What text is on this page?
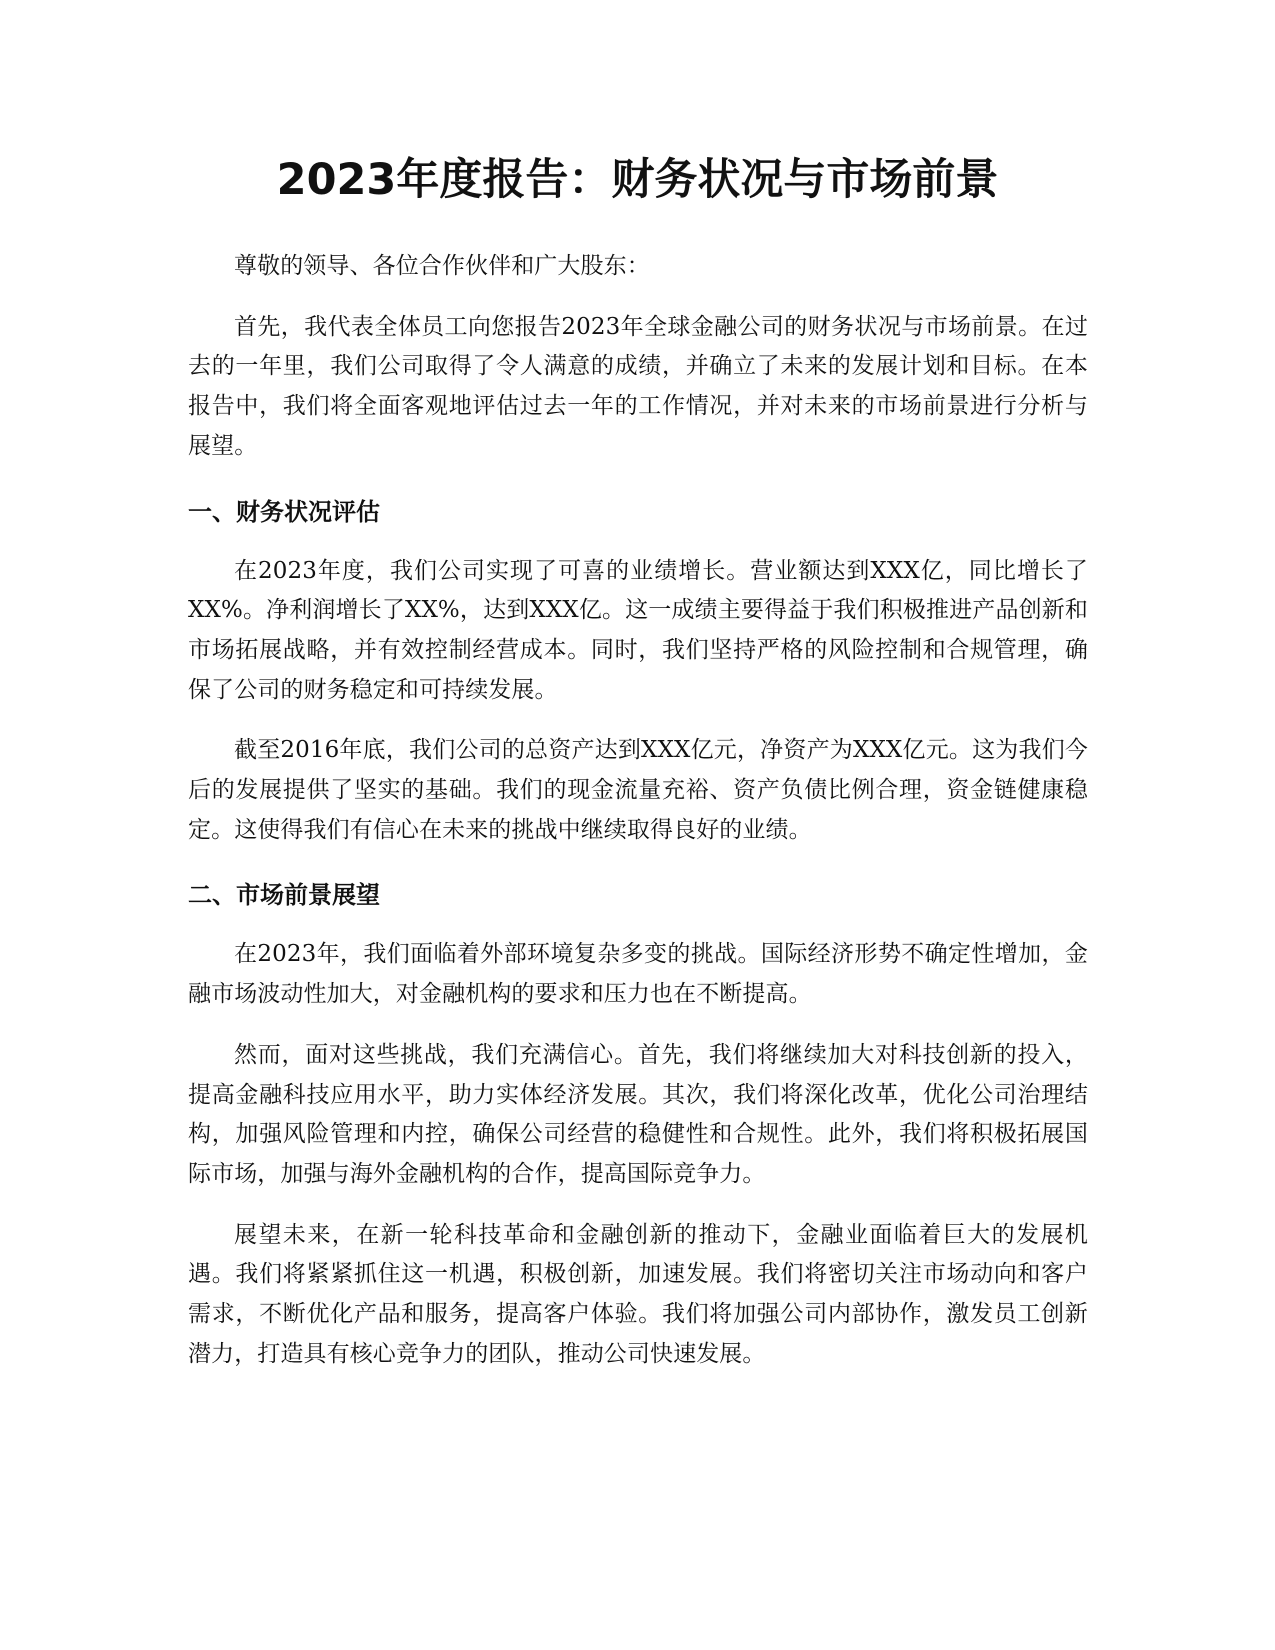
2023年度报告：财务状况与市场前景

尊敬的领导、各位合作伙伴和广大股东：

首先，我代表全体员工向您报告2023年全球金融公司的财务状况与市场前景。在过去的一年里，我们公司取得了令人满意的成绩，并确立了未来的发展计划和目标。在本报告中，我们将全面客观地评估过去一年的工作情况，并对未来的市场前景进行分析与展望。

一、财务状况评估

在2023年度，我们公司实现了可喜的业绩增长。营业额达到XXX亿，同比增长了XX%。净利润增长了XX%，达到XXX亿。这一成绩主要得益于我们积极推进产品创新和市场拓展战略，并有效控制经营成本。同时，我们坚持严格的风险控制和合规管理，确保了公司的财务稳定和可持续发展。

截至2016年底，我们公司的总资产达到XXX亿元，净资产为XXX亿元。这为我们今后的发展提供了坚实的基础。我们的现金流量充裕、资产负债比例合理，资金链健康稳定。这使得我们有信心在未来的挑战中继续取得良好的业绩。

二、市场前景展望

在2023年，我们面临着外部环境复杂多变的挑战。国际经济形势不确定性增加，金融市场波动性加大，对金融机构的要求和压力也在不断提高。

然而，面对这些挑战，我们充满信心。首先，我们将继续加大对科技创新的投入，提高金融科技应用水平，助力实体经济发展。其次，我们将深化改革，优化公司治理结构，加强风险管理和内控，确保公司经营的稳健性和合规性。此外，我们将积极拓展国际市场，加强与海外金融机构的合作，提高国际竞争力。

展望未来，在新一轮科技革命和金融创新的推动下，金融业面临着巨大的发展机遇。我们将紧紧抓住这一机遇，积极创新，加速发展。我们将密切关注市场动向和客户需求，不断优化产品和服务，提高客户体验。我们将加强公司内部协作，激发员工创新潜力，打造具有核心竞争力的团队，推动公司快速发展。
